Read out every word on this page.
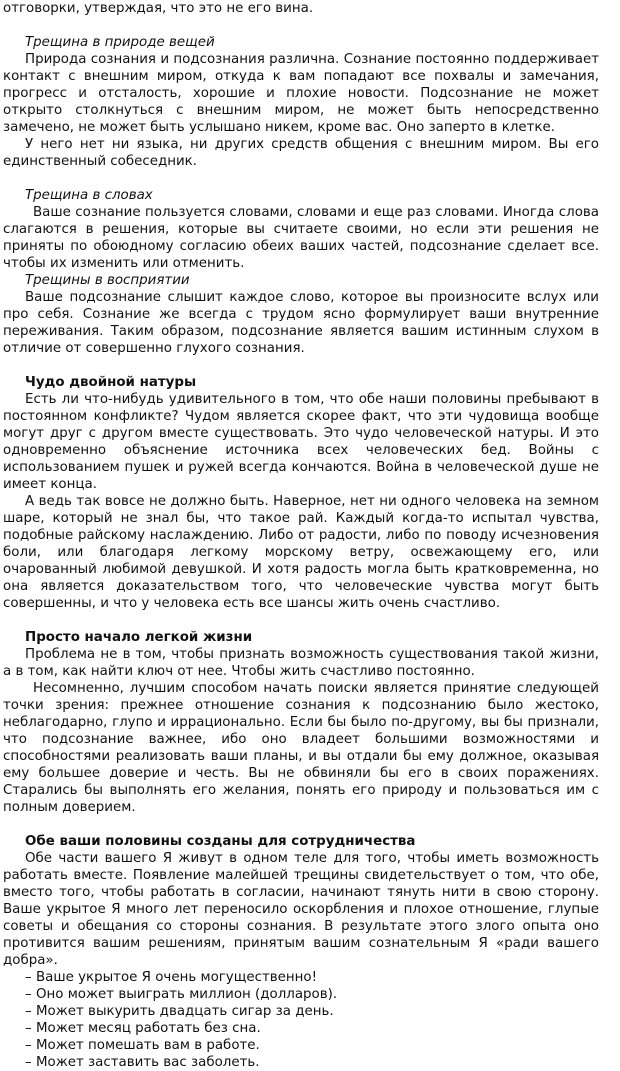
отговорки, утверждая, что это не его вина.

Трещина в природе вещей

Природа сознания и подсознания различна. Сознание постоянно поддерживает контакт с внешним миром, откуда к вам попадают все похвалы и замечания, прогресс и отсталость, хорошие и плохие новости. Подсознание не может открыто столкнуться с внешним миром, не может быть непосредственно замечено, не может быть услышано никем, кроме вас. Оно заперто в клетке.

У него нет ни языка, ни других средств общения с внешним миром. Вы его единственный собеседник.

Трещина в словах

Ваше сознание пользуется словами, словами и еще раз словами. Иногда слова слагаются в решения, которые вы считаете своими, но если эти решения не приняты по обоюдному согласию обеих ваших частей, подсознание сделает все. чтобы их изменить или отменить.

Трещины в восприятии

Ваше подсознание слышит каждое слово, которое вы произносите вслух или про себя. Сознание же всегда с трудом ясно формулирует ваши внутренние переживания. Таким образом, подсознание является вашим истинным слухом в отличие от совершенно глухого сознания.

Чудо двойной натуры

Есть ли что-нибудь удивительного в том, что обе наши половины пребывают в постоянном конфликте? Чудом является скорее факт, что эти чудовища вообще могут друг с другом вместе существовать. Это чудо человеческой натуры. И это одновременно объяснение источника всех человеческих бед. Войны с использованием пушек и ружей всегда кончаются. Война в человеческой душе не имеет конца.

А ведь так вовсе не должно быть. Наверное, нет ни одного человека на земном шаре, который не знал бы, что такое рай. Каждый когда-то испытал чувства, подобные райскому наслаждению. Либо от радости, либо по поводу исчезновения боли, или благодаря легкому морскому ветру, освежающему его, или очарованный любимой девушкой. И хотя радость могла быть кратковременна, но она является доказательством того, что человеческие чувства могут быть совершенны, и что у человека есть все шансы жить очень счастливо.

Просто начало легкой жизни

Проблема не в том, чтобы признать возможность существования такой жизни, а в том, как найти ключ от нее. Чтобы жить счастливо постоянно.

Несомненно, лучшим способом начать поиски является принятие следующей точки зрения: прежнее отношение сознания к подсознанию было жестоко, неблагодарно, глупо и иррационально. Если бы было по-другому, вы бы признали, что подсознание важнее, ибо оно владеет большими возможностями и способностями реализовать ваши планы, и вы отдали бы ему должное, оказывая ему большее доверие и честь. Вы не обвиняли бы его в своих поражениях. Старались бы выполнять его желания, понять его природу и пользоваться им с полным доверием.

Обе ваши половины созданы для сотрудничества

Обе части вашего Я живут в одном теле для того, чтобы иметь возможность работать вместе. Появление малейшей трещины свидетельствует о том, что обе, вместо того, чтобы работать в согласии, начинают тянуть нити в свою сторону. Ваше укрытое Я много лет переносило оскорбления и плохое отношение, глупые советы и обещания со стороны сознания. В результате этого злого опыта оно противится вашим решениям, принятым вашим сознательным Я «ради вашего добра».

– Ваше укрытое Я очень могущественно!
– Оно может выиграть миллион (долларов).
– Может выкурить двадцать сигар за день.
– Может месяц работать без сна.
– Может помешать вам в работе.
– Может заставить вас заболеть.
